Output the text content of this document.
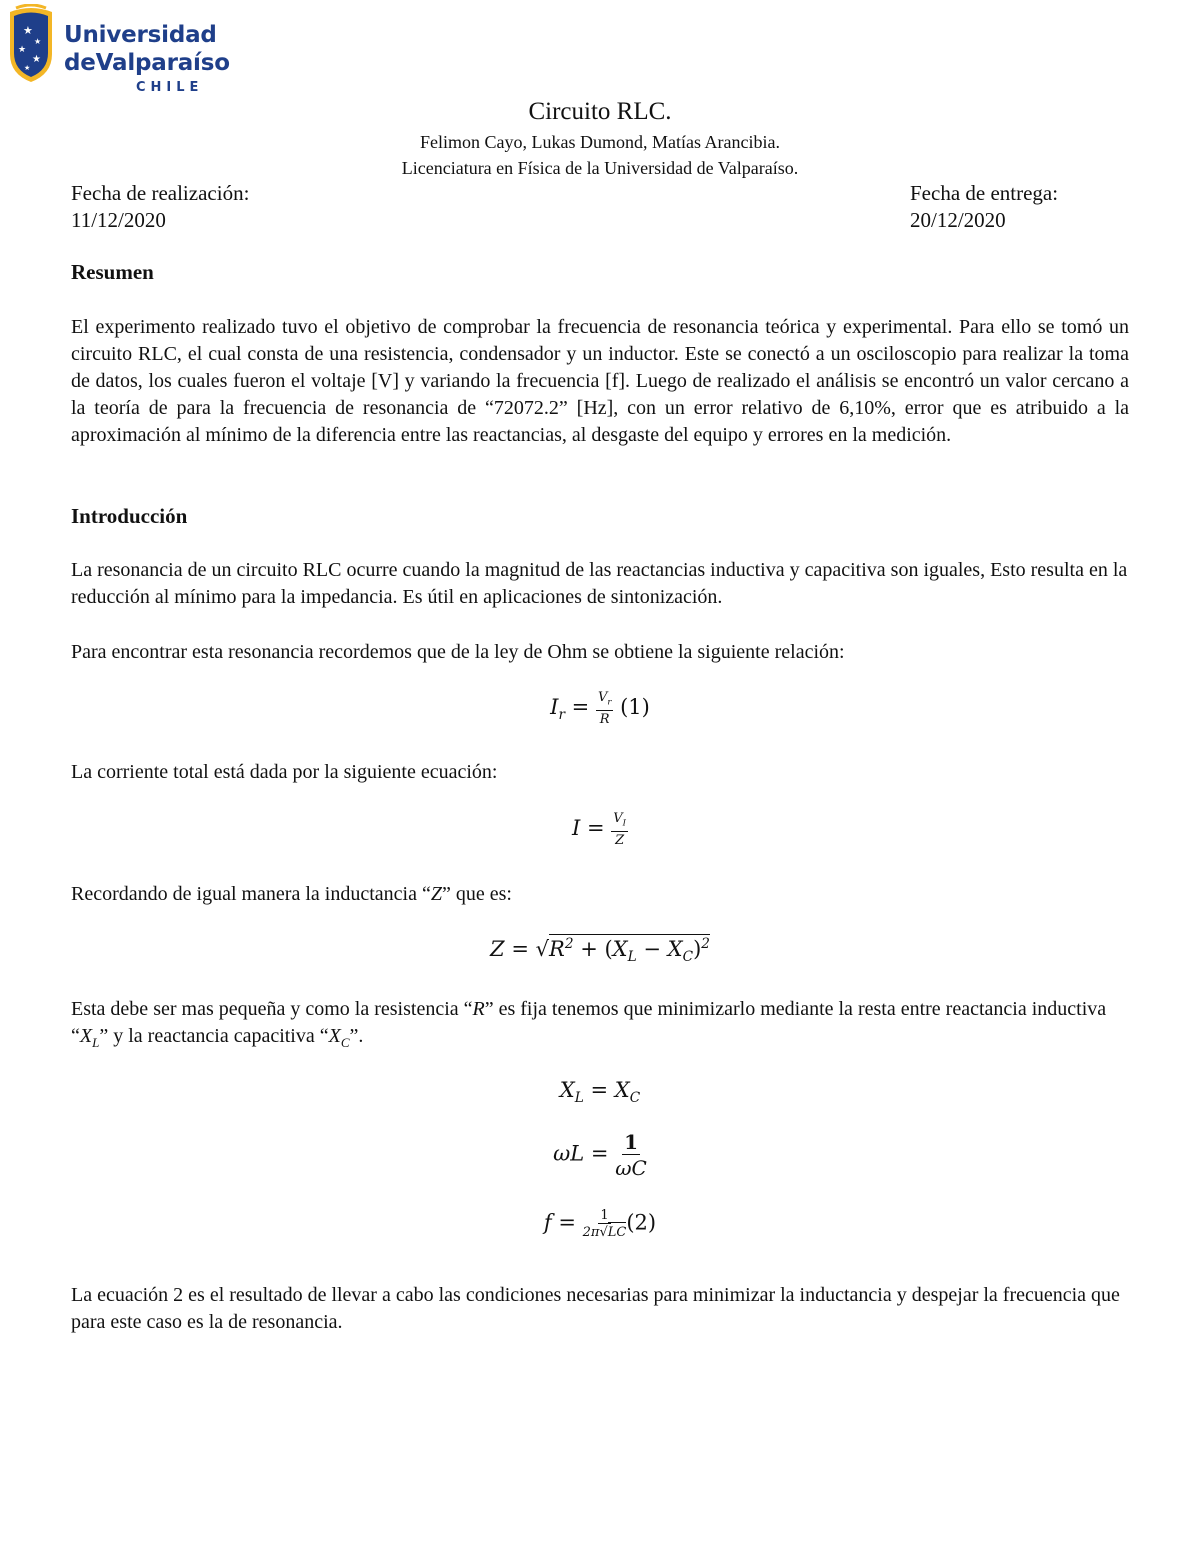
★
★
★
★
★
Universidad
deValparaíso
CHILE
Circuito RLC.
Felimon Cayo, Lukas Dumond, Matías Arancibia.
Licenciatura en Física de la Universidad de Valparaíso.
Fecha de realización:
11/12/2020
Fecha de entrega:
20/12/2020
Resumen

El experimento realizado tuvo el objetivo de comprobar la frecuencia de resonancia teórica y experimental. Para ello se tomó un circuito RLC, el cual consta de una resistencia, condensador y un inductor. Este se conectó a un osciloscopio para realizar la toma de datos, los cuales fueron el voltaje [V] y variando la frecuencia [f]. Luego de realizado el análisis se encontró un valor cercano a la teoría de para la frecuencia de resonancia de “72072.2” [Hz], con un error relativo de 6,10%, error que es atribuido a la aproximación al mínimo de la diferencia entre las reactancias, al desgaste del equipo y errores en la medición.

Introducción

La resonancia de un circuito RLC ocurre cuando la magnitud de las reactancias inductiva y capacitiva son iguales, Esto resulta en la reducción al mínimo para la impedancia. Es útil en aplicaciones de sintonización.

Para encontrar esta resonancia recordemos que de la ley de Ohm se obtiene la siguiente relación:

$I_r = \frac{V_r}{R} (1)$

La corriente total está dada por la siguiente ecuación:

$I = \frac{V_I}{Z}$

Recordando de igual manera la inductancia “Z” que es:

$Z = √R^2 + (X_L - X_C)^2$

Esta debe ser mas pequeña y como la resistencia “R” es fija tenemos que minimizarlo mediante la resta entre reactancia inductiva “$X_L$” y la reactancia capacitiva “$X_C$”.

$X_L = X_C$
$\omega L = \frac{1}{\omega C}$
$f = \frac{1}{2\pi√LC} (2)$

La ecuación 2 es el resultado de llevar a cabo las condiciones necesarias para minimizar la inductancia y despejar la frecuencia que para este caso es la de resonancia.
